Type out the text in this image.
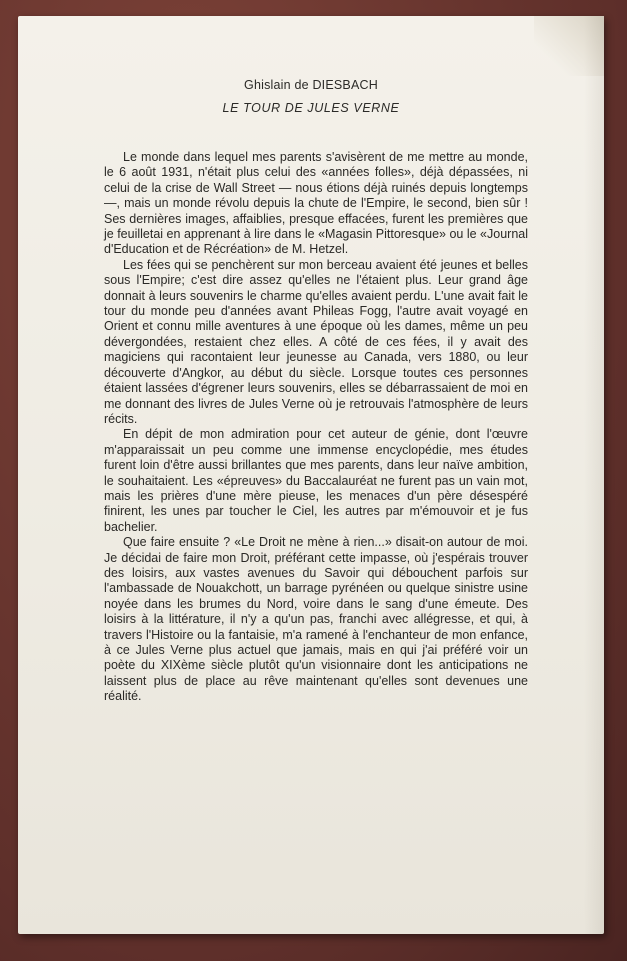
Ghislain de DIESBACH
LE TOUR DE JULES VERNE

Le monde dans lequel mes parents s'avisèrent de me mettre au monde, le 6 août 1931, n'était plus celui des «années folles», déjà dépassées, ni celui de la crise de Wall Street — nous étions déjà ruinés depuis longtemps —, mais un monde révolu depuis la chute de l'Empire, le second, bien sûr ! Ses dernières images, affaiblies, presque effacées, furent les premières que je feuilletai en apprenant à lire dans le «Magasin Pittoresque» ou le «Journal d'Education et de Récréation» de M. Hetzel.

Les fées qui se penchèrent sur mon berceau avaient été jeunes et belles sous l'Empire; c'est dire assez qu'elles ne l'étaient plus. Leur grand âge donnait à leurs souvenirs le charme qu'elles avaient perdu. L'une avait fait le tour du monde peu d'années avant Phileas Fogg, l'autre avait voyagé en Orient et connu mille aventures à une époque où les dames, même un peu dévergondées, restaient chez elles. A côté de ces fées, il y avait des magiciens qui racontaient leur jeunesse au Canada, vers 1880, ou leur découverte d'Angkor, au début du siècle. Lorsque toutes ces personnes étaient lassées d'égrener leurs souvenirs, elles se débarrassaient de moi en me donnant des livres de Jules Verne où je retrouvais l'atmosphère de leurs récits.

En dépit de mon admiration pour cet auteur de génie, dont l'œuvre m'apparaissait un peu comme une immense encyclopédie, mes études furent loin d'être aussi brillantes que mes parents, dans leur naïve ambition, le souhaitaient. Les «épreuves» du Baccalauréat ne furent pas un vain mot, mais les prières d'une mère pieuse, les menaces d'un père désespéré finirent, les unes par toucher le Ciel, les autres par m'émouvoir et je fus bachelier.

Que faire ensuite ? «Le Droit ne mène à rien...» disait-on autour de moi. Je décidai de faire mon Droit, préférant cette impasse, où j'espérais trouver des loisirs, aux vastes avenues du Savoir qui débouchent parfois sur l'ambassade de Nouakchott, un barrage pyrénéen ou quelque sinistre usine noyée dans les brumes du Nord, voire dans le sang d'une émeute. Des loisirs à la littérature, il n'y a qu'un pas, franchi avec allégresse, et qui, à travers l'Histoire ou la fantaisie, m'a ramené à l'enchanteur de mon enfance, à ce Jules Verne plus actuel que jamais, mais en qui j'ai préféré voir un poète du XIXème siècle plutôt qu'un visionnaire dont les anticipations ne laissent plus de place au rêve maintenant qu'elles sont devenues une réalité.
